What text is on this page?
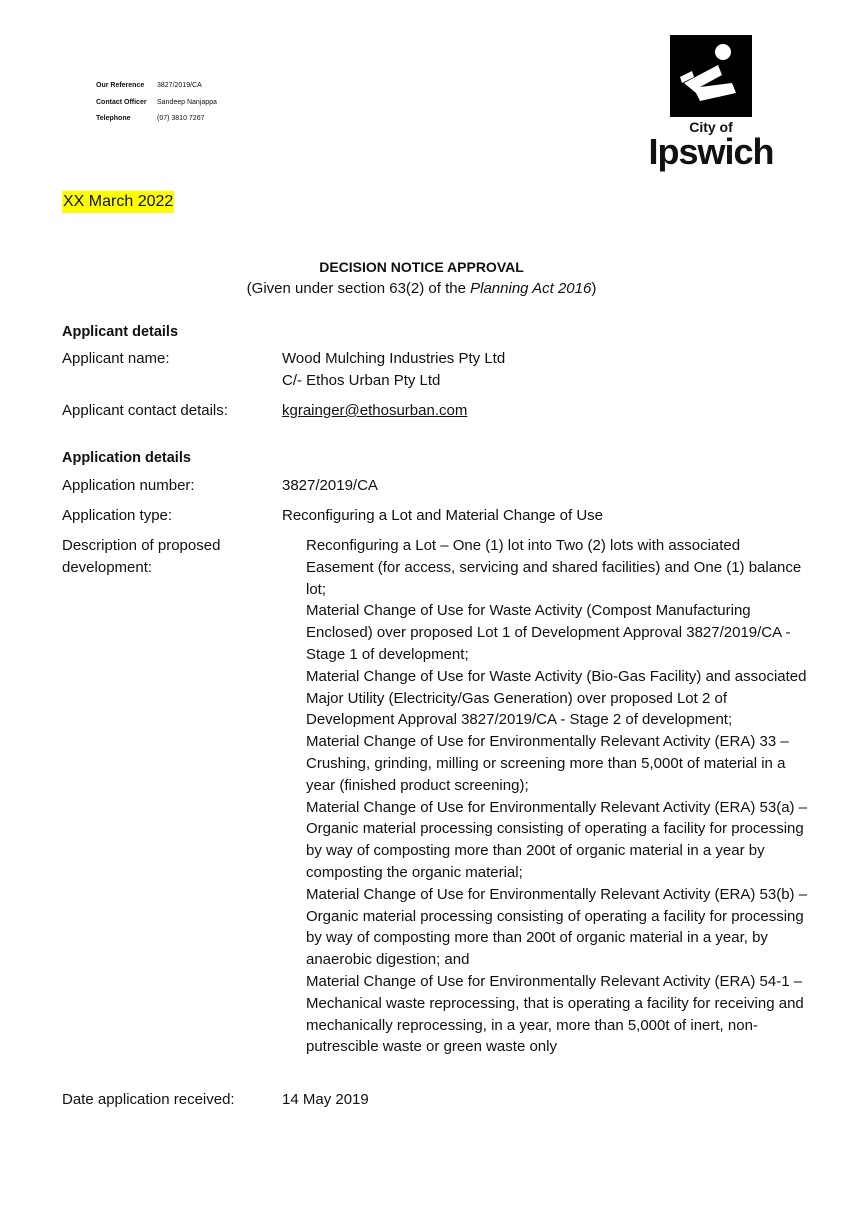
Our Reference	3827/2019/CA
Contact Officer	Sandeep Nanjappa
Telephone	(07) 3810 7267
City of
Ipswich
XX March 2022
DECISION NOTICE APPROVAL
(Given under section 63(2) of the Planning Act 2016)
Applicant details
Applicant name:	Wood Mulching Industries Pty Ltd
C/- Ethos Urban Pty Ltd
Applicant contact details:	kgrainger@ethosurban.com
Application details
Application number:	3827/2019/CA
Application type:	Reconfiguring a Lot and Material Change of Use
Description of proposed
development:
Reconfiguring a Lot – One (1) lot into Two (2) lots with associated Easement (for access, servicing and shared facilities) and One (1) balance lot;
Material Change of Use for Waste Activity (Compost Manufacturing Enclosed) over proposed Lot 1 of Development Approval 3827/2019/CA - Stage 1 of development;
Material Change of Use for Waste Activity (Bio-Gas Facility) and associated Major Utility (Electricity/Gas Generation) over proposed Lot 2 of Development Approval 3827/2019/CA - Stage 2 of development;
Material Change of Use for Environmentally Relevant Activity (ERA) 33 – Crushing, grinding, milling or screening more than 5,000t of material in a year (finished product screening);
Material Change of Use for Environmentally Relevant Activity (ERA) 53(a) – Organic material processing consisting of operating a facility for processing by way of composting more than 200t of organic material in a year by composting the organic material;
Material Change of Use for Environmentally Relevant Activity (ERA) 53(b) – Organic material processing consisting of operating a facility for processing by way of composting more than 200t of organic material in a year, by anaerobic digestion; and
Material Change of Use for Environmentally Relevant Activity (ERA) 54-1 – Mechanical waste reprocessing, that is operating a facility for receiving and mechanically reprocessing, in a year, more than 5,000t of inert, non-putrescible waste or green waste only
Date application received:	14 May 2019
